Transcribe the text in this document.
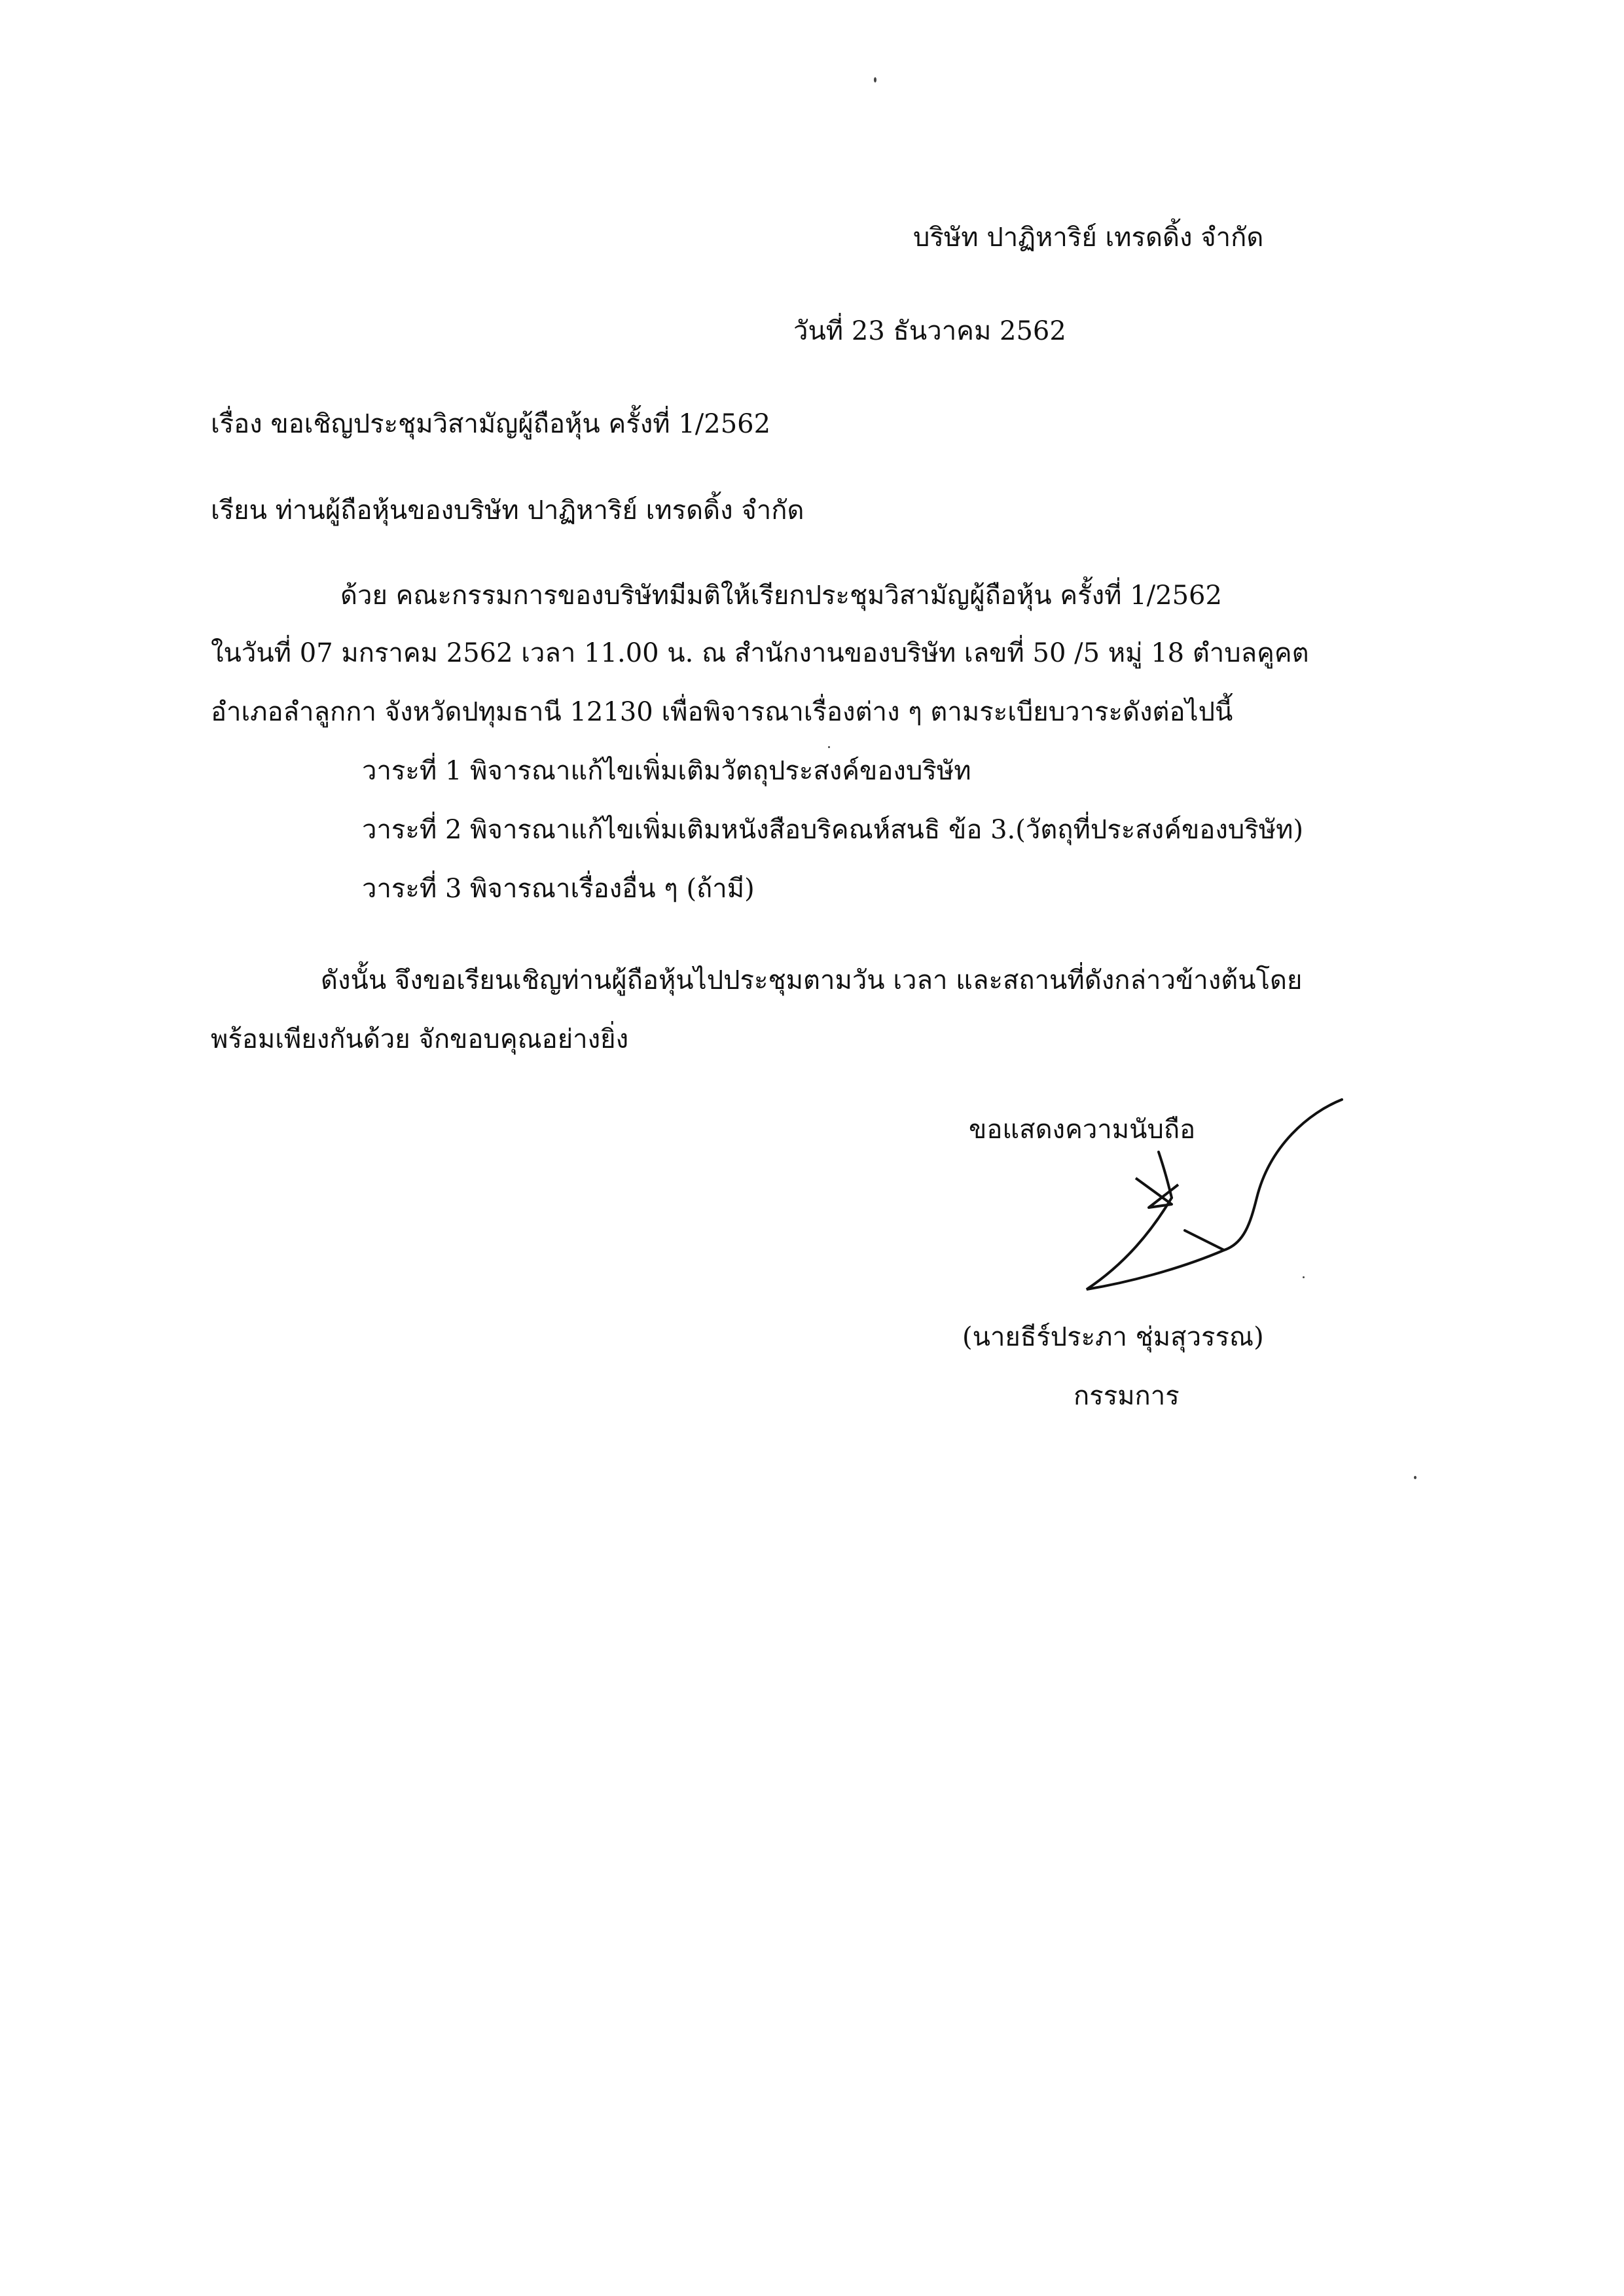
บริษัท ปาฏิหาริย์ เทรดดิ้ง จำกัด
วันที่ 23 ธันวาคม 2562
เรื่อง ขอเชิญประชุมวิสามัญผู้ถือหุ้น ครั้งที่ 1/2562
เรียน ท่านผู้ถือหุ้นของบริษัท ปาฏิหาริย์ เทรดดิ้ง จำกัด
ด้วย คณะกรรมการของบริษัทมีมติให้เรียกประชุมวิสามัญผู้ถือหุ้น ครั้งที่ 1/2562
ในวันที่ 07 มกราคม 2562 เวลา 11.00 น. ณ สำนักงานของบริษัท เลขที่ 50 /5 หมู่ 18 ตำบลคูคต
อำเภอลำลูกกา จังหวัดปทุมธานี 12130 เพื่อพิจารณาเรื่องต่าง ๆ ตามระเบียบวาระดังต่อไปนี้
วาระที่ 1 พิจารณาแก้ไขเพิ่มเติมวัตถุประสงค์ของบริษัท
วาระที่ 2 พิจารณาแก้ไขเพิ่มเติมหนังสือบริคณห์สนธิ ข้อ 3.(วัตถุที่ประสงค์ของบริษัท)
วาระที่ 3 พิจารณาเรื่องอื่น ๆ (ถ้ามี)
ดังนั้น จึงขอเรียนเชิญท่านผู้ถือหุ้นไปประชุมตามวัน เวลา และสถานที่ดังกล่าวข้างต้นโดย
พร้อมเพียงกันด้วย จักขอบคุณอย่างยิ่ง
ขอแสดงความนับถือ
(นายธีร์ประภา ชุ่มสุวรรณ)
กรรมการ
